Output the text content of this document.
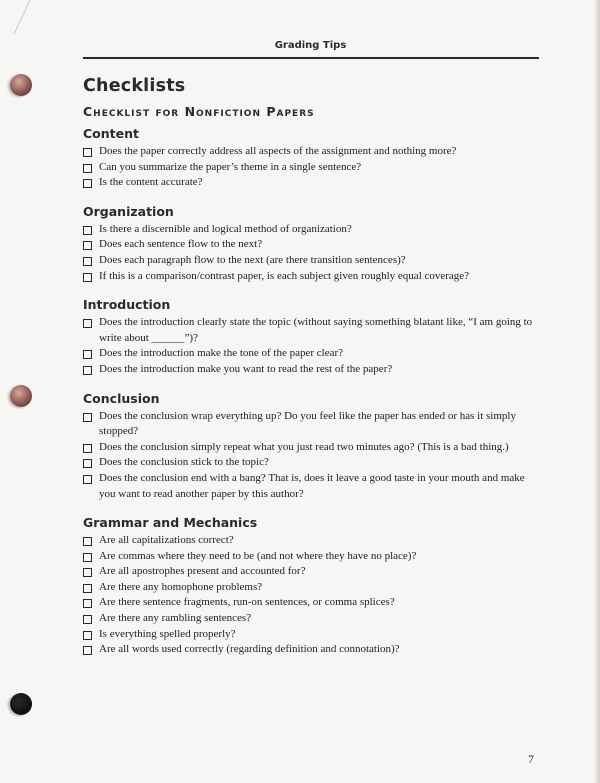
Grading Tips
Checklists
Checklist for Nonfiction Papers
Content
Does the paper correctly address all aspects of the assignment and nothing more?
Can you summarize the paper’s theme in a single sentence?
Is the content accurate?
Organization
Is there a discernible and logical method of organization?
Does each sentence flow to the next?
Does each paragraph flow to the next (are there transition sentences)?
If this is a comparison/contrast paper, is each subject given roughly equal coverage?
Introduction
Does the introduction clearly state the topic (without saying something blatant like, “I am going to write about ______”)?
Does the introduction make the tone of the paper clear?
Does the introduction make you want to read the rest of the paper?
Conclusion
Does the conclusion wrap everything up? Do you feel like the paper has ended or has it simply stopped?
Does the conclusion simply repeat what you just read two minutes ago? (This is a bad thing.)
Does the conclusion stick to the topic?
Does the conclusion end with a bang? That is, does it leave a good taste in your mouth and make you want to read another paper by this author?
Grammar and Mechanics
Are all capitalizations correct?
Are commas where they need to be (and not where they have no place)?
Are all apostrophes present and accounted for?
Are there any homophone problems?
Are there sentence fragments, run-on sentences, or comma splices?
Are there any rambling sentences?
Is everything spelled properly?
Are all words used correctly (regarding definition and connotation)?
7
